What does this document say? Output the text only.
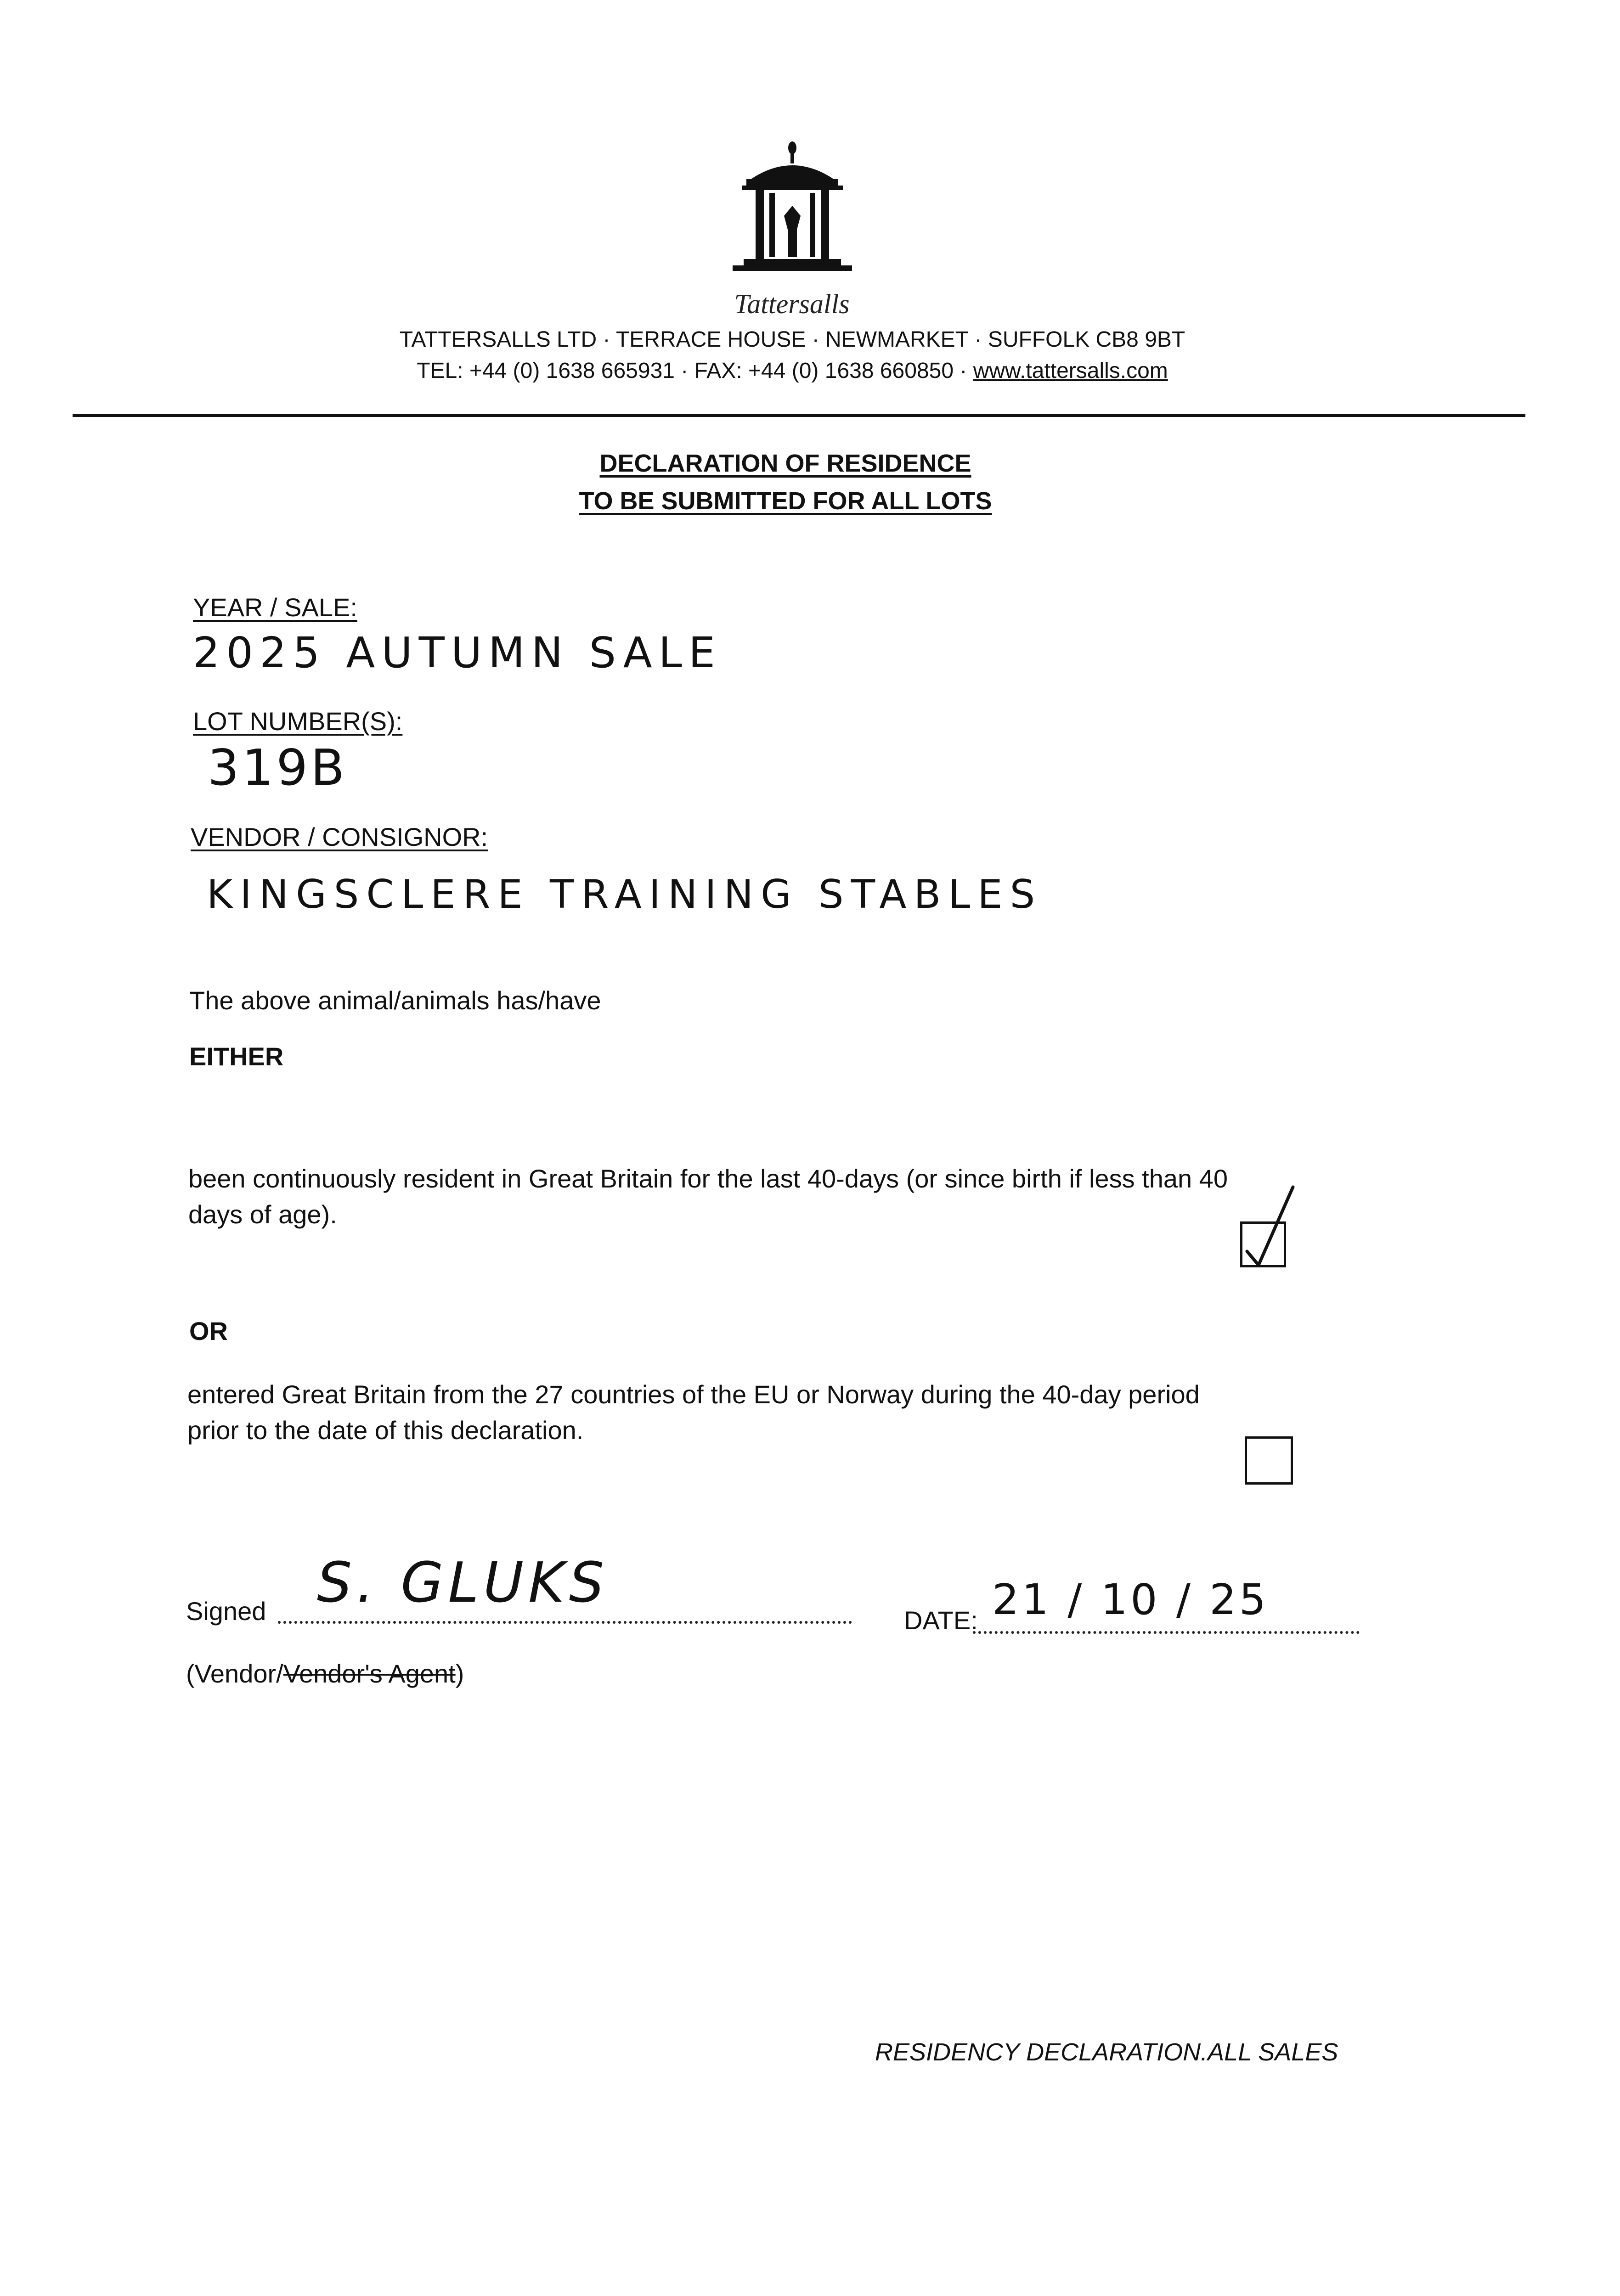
Tattersalls
TATTERSALLS LTD · TERRACE HOUSE · NEWMARKET · SUFFOLK CB8 9BT
TEL: +44 (0) 1638 665931 · FAX: +44 (0) 1638 660850 · www.tattersalls.com
DECLARATION OF RESIDENCE
TO BE SUBMITTED FOR ALL LOTS
YEAR / SALE:
2025 AUTUMN SALE
LOT NUMBER(S):
319B
VENDOR / CONSIGNOR:
KINGSCLERE TRAINING STABLES
The above animal/animals has/have
EITHER
been continuously resident in Great Britain for the last 40-days (or since birth if less than 40
days of age).
OR
entered Great Britain from the 27 countries of the EU or Norway during the 40-day period
prior to the date of this declaration.
Signed S. GLUKS
DATE: 21 / 10 / 25
(Vendor/Vendor's Agent)
RESIDENCY DECLARATION.ALL SALES
